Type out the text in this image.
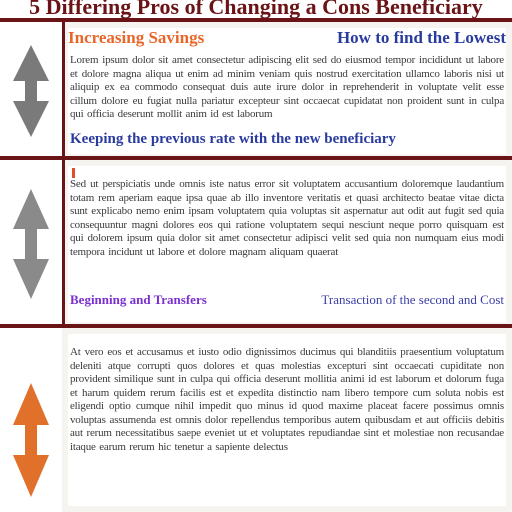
5 Differing Pros of Changing a Cons Beneficiary
Increasing Savings	How to find the Lowest
Lorem ipsum dolor sit amet consectetur adipiscing elit sed do eiusmod tempor incididunt ut labore et dolore magna aliqua ut enim ad minim veniam quis nostrud exercitation ullamco laboris nisi ut aliquip ex ea commodo consequat duis aute irure dolor in reprehenderit in voluptate velit esse cillum dolore eu fugiat nulla pariatur excepteur sint occaecat cupidatat non proident sunt in culpa qui officia deserunt mollit anim id est laborum
Keeping the previous rate with the new beneficiary
Sed ut perspiciatis unde omnis iste natus error sit voluptatem accusantium doloremque laudantium totam rem aperiam eaque ipsa quae ab illo inventore veritatis et quasi architecto beatae vitae dicta sunt explicabo nemo enim ipsam voluptatem quia voluptas sit aspernatur aut odit aut fugit sed quia consequuntur magni dolores eos qui ratione voluptatem sequi nesciunt neque porro quisquam est qui dolorem ipsum quia dolor sit amet consectetur adipisci velit sed quia non numquam eius modi tempora incidunt ut labore et dolore magnam aliquam quaerat
Beginning and Transfers	Transaction of the second and Cost
At vero eos et accusamus et iusto odio dignissimos ducimus qui blanditiis praesentium voluptatum deleniti atque corrupti quos dolores et quas molestias excepturi sint occaecati cupiditate non provident similique sunt in culpa qui officia deserunt mollitia animi id est laborum et dolorum fuga et harum quidem rerum facilis est et expedita distinctio nam libero tempore cum soluta nobis est eligendi optio cumque nihil impedit quo minus id quod maxime placeat facere possimus omnis voluptas assumenda est omnis dolor repellendus temporibus autem quibusdam et aut officiis debitis aut rerum necessitatibus saepe eveniet ut et voluptates repudiandae sint et molestiae non recusandae itaque earum rerum hic tenetur a sapiente delectus
